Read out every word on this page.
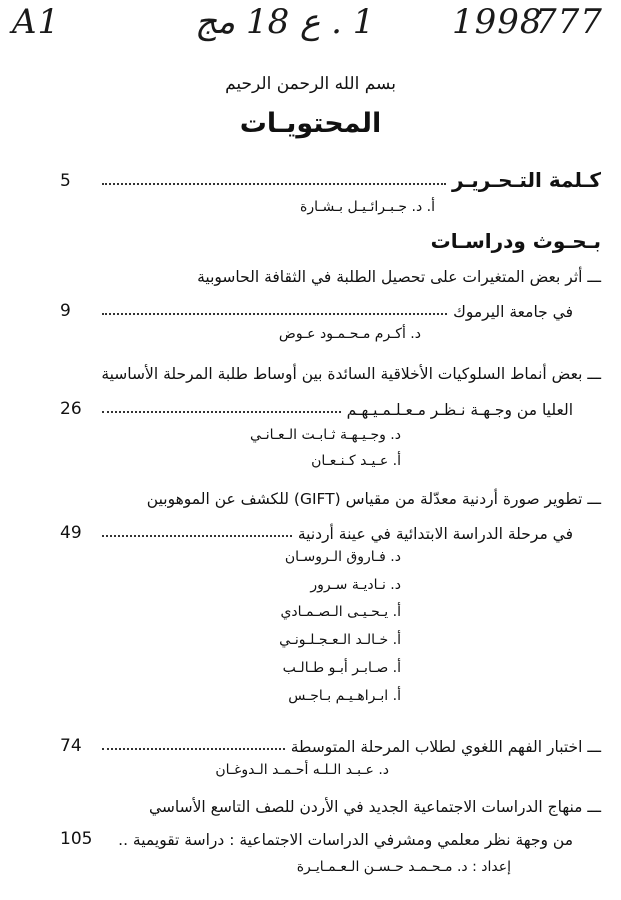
A1	1 . ع 18 مج 1998
777
بسم الله الرحمن الرحيم
المحتويـات
5	كـلمة التـحـريـر
أ. د. جـبـرائـيـل بـشـارة
بـحـوث ودراسـات
ـــ أثر بعض المتغيرات على تحصيل الطلبة في الثقافة الحاسوبية
9	في جامعة اليرموك
د. أكـرم مـحـمـود عـوض
ـــ بعض أنماط السلوكيات الأخلاقية السائدة بين أوساط طلبة المرحلة الأساسية
26	العليا من وجـهـة نـظـر مـعـلـمـيـهـم
د. وجـيـهـة ثـابـت الـعـانـي
أ. عـيـد كـنـعـان
ـــ تطوير صورة أردنية معدّلة من مقياس (GIFT) للكشف عن الموهوبين
49	في مرحلة الدراسة الابتدائية في عينة أردنية
د. فـاروق الـروسـان
د. نـاديـة سـرور
أ. يـحـيـى الـصـمـادي
أ. خـالـد الـعـجـلـونـي
أ. صـابـر أبـو طـالـب
أ. ابـراهـيـم بـاجـس
74	ـــ اختبار الفهم اللغوي لطلاب المرحلة المتوسطة
د. عـبـد الـلـه أحـمـد الـدوغـان
ـــ منهاج الدراسات الاجتماعية الجديد في الأردن للصف التاسع الأساسي
105 من وجهة نظر معلمي ومشرفي الدراسات الاجتماعية : دراسة تقويمية ..
إعداد : د. مـحـمـد حـسـن الـعـمـايـرة
